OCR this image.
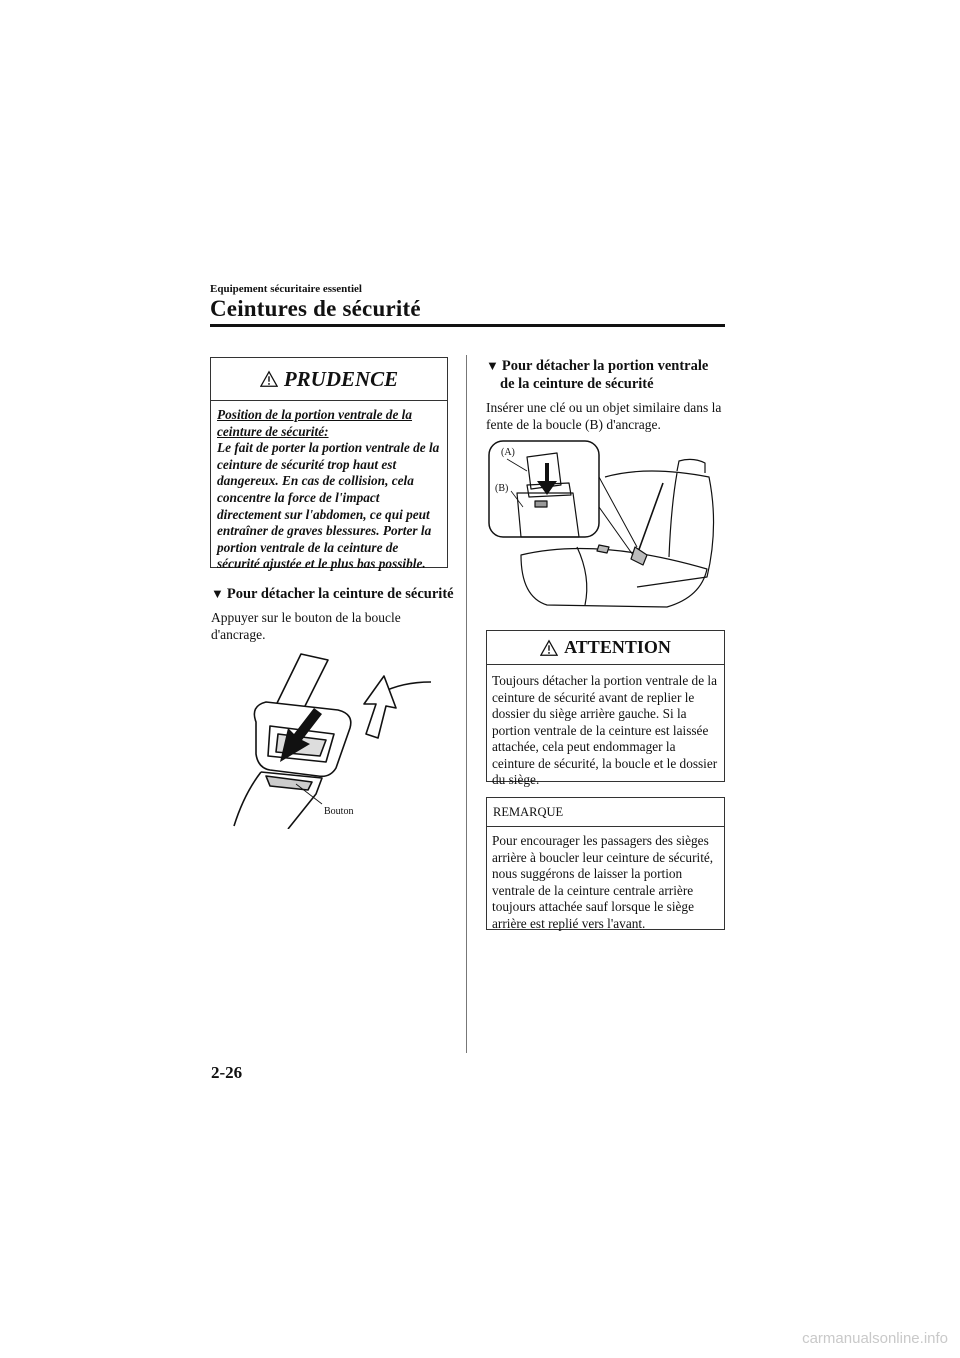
Equipement sécuritaire essentiel
Ceintures de sécurité
PRUDENCE
Position de la portion ventrale de la ceinture de sécurité:
Le fait de porter la portion ventrale de la ceinture de sécurité trop haut est dangereux. En cas de collision, cela concentre la force de l'impact directement sur l'abdomen, ce qui peut entraîner de graves blessures. Porter la portion ventrale de la ceinture de sécurité ajustée et le plus bas possible.
▼ Pour détacher la ceinture de sécurité
Appuyer sur le bouton de la boucle d'ancrage.
Bouton
▼ Pour détacher la portion ventrale
de la ceinture de sécurité
Insérer une clé ou un objet similaire dans la fente de la boucle (B) d'ancrage.
(A)
(B)
ATTENTION
Toujours détacher la portion ventrale de la ceinture de sécurité avant de replier le dossier du siège arrière gauche. Si la portion ventrale de la ceinture est laissée attachée, cela peut endommager la ceinture de sécurité, la boucle et le dossier du siège.
REMARQUE
Pour encourager les passagers des sièges arrière à boucler leur ceinture de sécurité, nous suggérons de laisser la portion ventrale de la ceinture centrale arrière toujours attachée sauf lorsque le siège arrière est replié vers l'avant.
2-26
carmanualsonline.info
